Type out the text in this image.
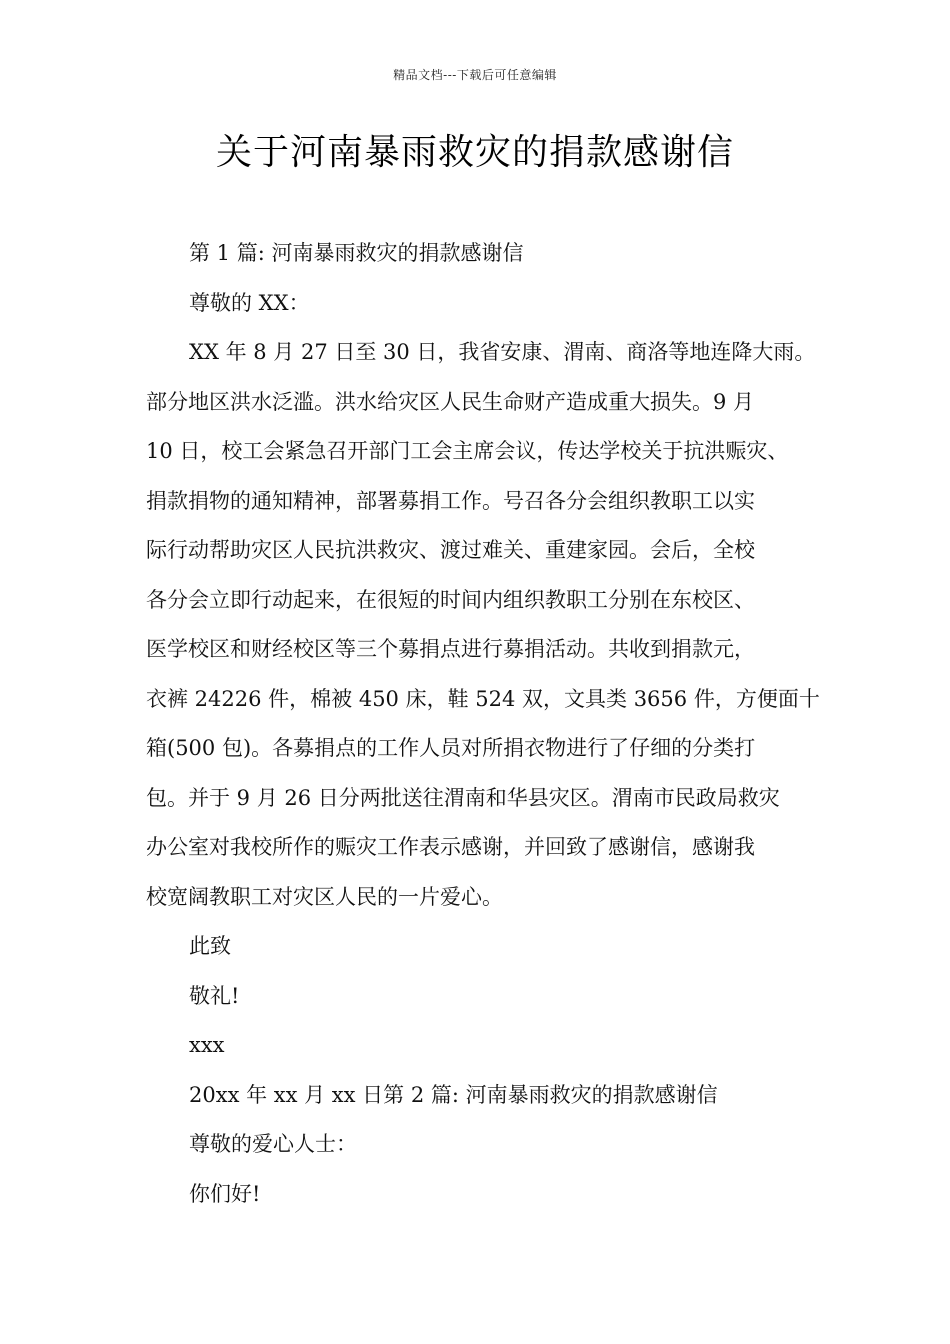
精品文档---下载后可任意编辑
关于河南暴雨救灾的捐款感谢信
第 1 篇: 河南暴雨救灾的捐款感谢信
尊敬的 XX：
XX 年 8 月 27 日至 30 日，我省安康、渭南、商洛等地连降大雨。
部分地区洪水泛滥。洪水给灾区人民生命财产造成重大损失。9 月
10 日，校工会紧急召开部门工会主席会议，传达学校关于抗洪赈灾、
捐款捐物的通知精神，部署募捐工作。号召各分会组织教职工以实
际行动帮助灾区人民抗洪救灾、渡过难关、重建家园。会后，全校
各分会立即行动起来，在很短的时间内组织教职工分别在东校区、
医学校区和财经校区等三个募捐点进行募捐活动。共收到捐款元，
衣裤 24226 件，棉被 450 床，鞋 524 双，文具类 3656 件，方便面十
箱(500 包)。各募捐点的工作人员对所捐衣物进行了仔细的分类打
包。并于 9 月 26 日分两批送往渭南和华县灾区。渭南市民政局救灾
办公室对我校所作的赈灾工作表示感谢，并回致了感谢信，感谢我
校宽阔教职工对灾区人民的一片爱心。
此致
敬礼!
xxx
20xx 年 xx 月 xx 日第 2 篇: 河南暴雨救灾的捐款感谢信
尊敬的爱心人士：
你们好!
